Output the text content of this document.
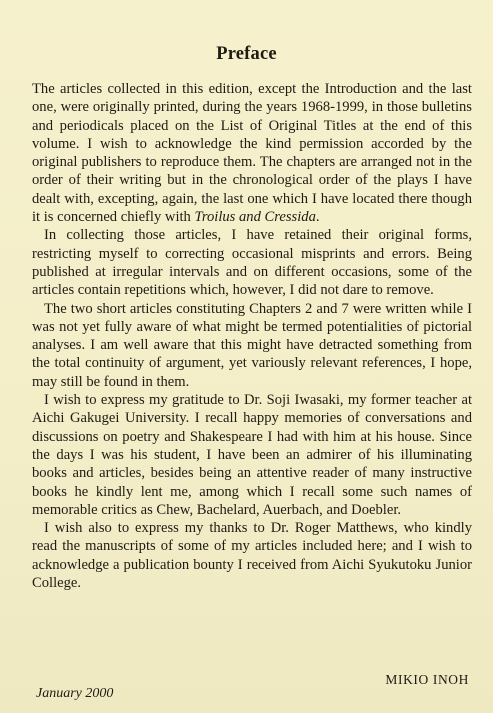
Preface

The articles collected in this edition, except the Introduction and the last one, were originally printed, during the years 1968-1999, in those bulletins and periodicals placed on the List of Original Titles at the end of this volume. I wish to acknowledge the kind permission accorded by the original publishers to reproduce them. The chapters are arranged not in the order of their writing but in the chronological order of the plays I have dealt with, excepting, again, the last one which I have located there though it is concerned chiefly with Troilus and Cressida.

In collecting those articles, I have retained their original forms, restricting myself to correcting occasional misprints and errors. Being published at irregular intervals and on different occasions, some of the articles contain repetitions which, however, I did not dare to remove.

The two short articles constituting Chapters 2 and 7 were written while I was not yet fully aware of what might be termed potentialities of pictorial analyses. I am well aware that this might have detracted something from the total continuity of argument, yet variously relevant references, I hope, may still be found in them.

I wish to express my gratitude to Dr. Soji Iwasaki, my former teacher at Aichi Gakugei University. I recall happy memories of conversations and discussions on poetry and Shakespeare I had with him at his house. Since the days I was his student, I have been an admirer of his illuminating books and articles, besides being an attentive reader of many instructive books he kindly lent me, among which I recall some such names of memorable critics as Chew, Bachelard, Auerbach, and Doebler.

I wish also to express my thanks to Dr. Roger Matthews, who kindly read the manuscripts of some of my articles included here; and I wish to acknowledge a publication bounty I received from Aichi Syukutoku Junior College.

MIKIO INOH
January 2000
